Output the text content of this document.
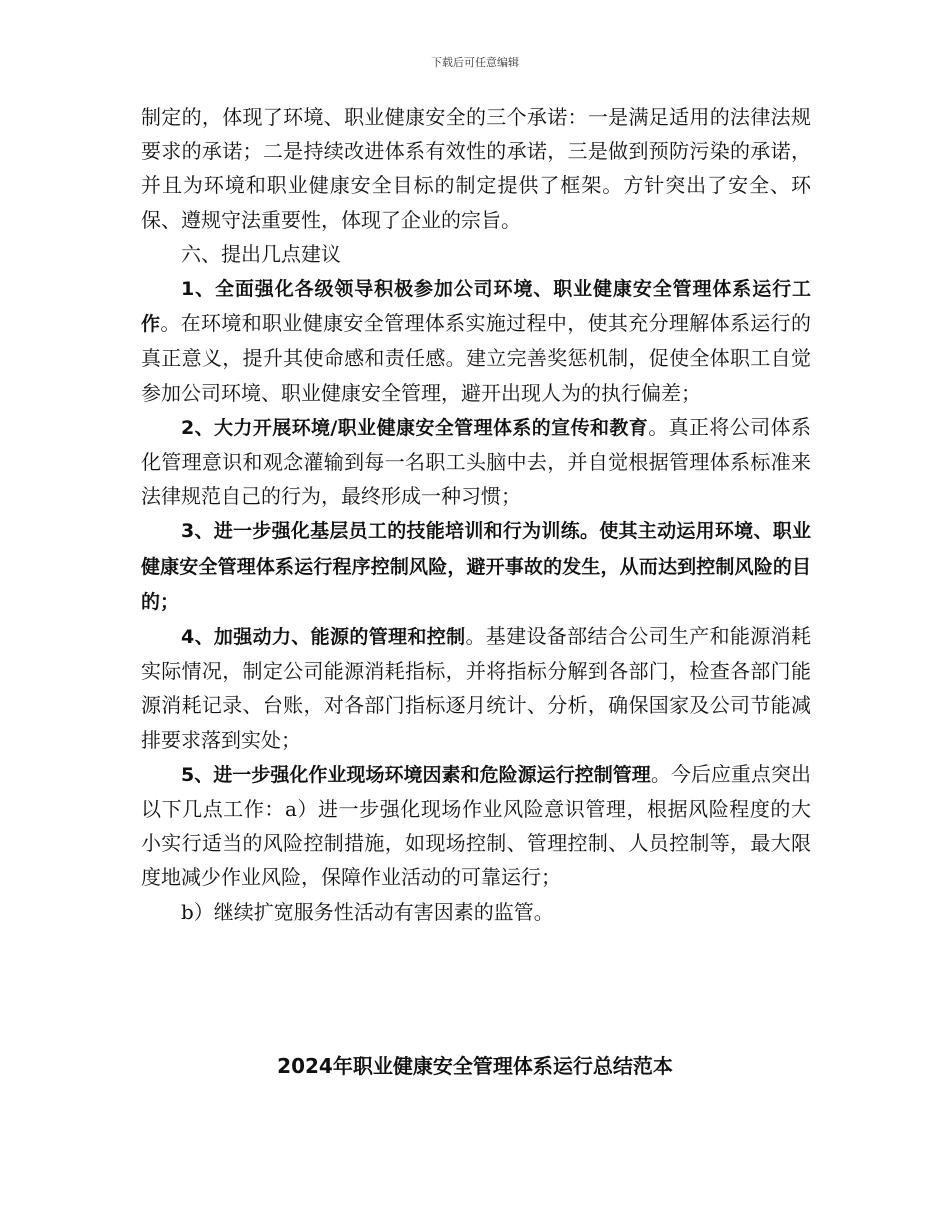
下载后可任意编辑

制定的，体现了环境、职业健康安全的三个承诺：一是满足适用的法律法规要求的承诺；二是持续改进体系有效性的承诺，三是做到预防污染的承诺，并且为环境和职业健康安全目标的制定提供了框架。方针突出了安全、环保、遵规守法重要性，体现了企业的宗旨。

六、提出几点建议

1、全面强化各级领导积极参加公司环境、职业健康安全管理体系运行工作。在环境和职业健康安全管理体系实施过程中，使其充分理解体系运行的真正意义，提升其使命感和责任感。建立完善奖惩机制，促使全体职工自觉参加公司环境、职业健康安全管理，避开出现人为的执行偏差；

2、大力开展环境/职业健康安全管理体系的宣传和教育。真正将公司体系化管理意识和观念灌输到每一名职工头脑中去，并自觉根据管理体系标准来法律规范自己的行为，最终形成一种习惯；

3、进一步强化基层员工的技能培训和行为训练。使其主动运用环境、职业健康安全管理体系运行程序控制风险，避开事故的发生，从而达到控制风险的目的；

4、加强动力、能源的管理和控制。基建设备部结合公司生产和能源消耗实际情况，制定公司能源消耗指标，并将指标分解到各部门，检查各部门能源消耗记录、台账，对各部门指标逐月统计、分析，确保国家及公司节能减排要求落到实处；

5、进一步强化作业现场环境因素和危险源运行控制管理。今后应重点突出以下几点工作：a）进一步强化现场作业风险意识管理，根据风险程度的大小实行适当的风险控制措施，如现场控制、管理控制、人员控制等，最大限度地减少作业风险，保障作业活动的可靠运行；

b）继续扩宽服务性活动有害因素的监管。

2024年职业健康安全管理体系运行总结范本
